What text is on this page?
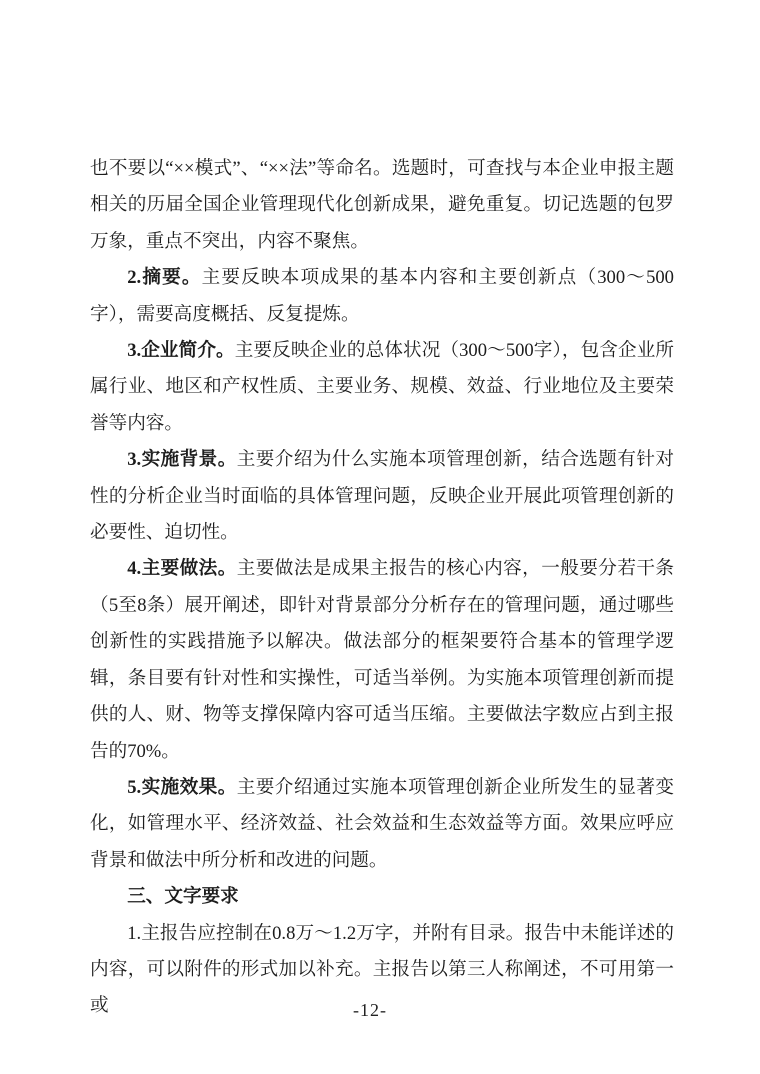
也不要以“××模式”、“××法”等命名。选题时，可查找与本企业申报主题相关的历届全国企业管理现代化创新成果，避免重复。切记选题的包罗万象，重点不突出，内容不聚焦。

2.摘要。主要反映本项成果的基本内容和主要创新点（300～500字），需要高度概括、反复提炼。

3.企业简介。主要反映企业的总体状况（300～500字），包含企业所属行业、地区和产权性质、主要业务、规模、效益、行业地位及主要荣誉等内容。

3.实施背景。主要介绍为什么实施本项管理创新，结合选题有针对性的分析企业当时面临的具体管理问题，反映企业开展此项管理创新的必要性、迫切性。

4.主要做法。主要做法是成果主报告的核心内容，一般要分若干条（5至8条）展开阐述，即针对背景部分分析存在的管理问题，通过哪些创新性的实践措施予以解决。做法部分的框架要符合基本的管理学逻辑，条目要有针对性和实操性，可适当举例。为实施本项管理创新而提供的人、财、物等支撑保障内容可适当压缩。主要做法字数应占到主报告的70%。

5.实施效果。主要介绍通过实施本项管理创新企业所发生的显著变化，如管理水平、经济效益、社会效益和生态效益等方面。效果应呼应背景和做法中所分析和改进的问题。

三、文字要求

1.主报告应控制在0.8万～1.2万字，并附有目录。报告中未能详述的内容，可以附件的形式加以补充。主报告以第三人称阐述，不可用第一或	-12-
